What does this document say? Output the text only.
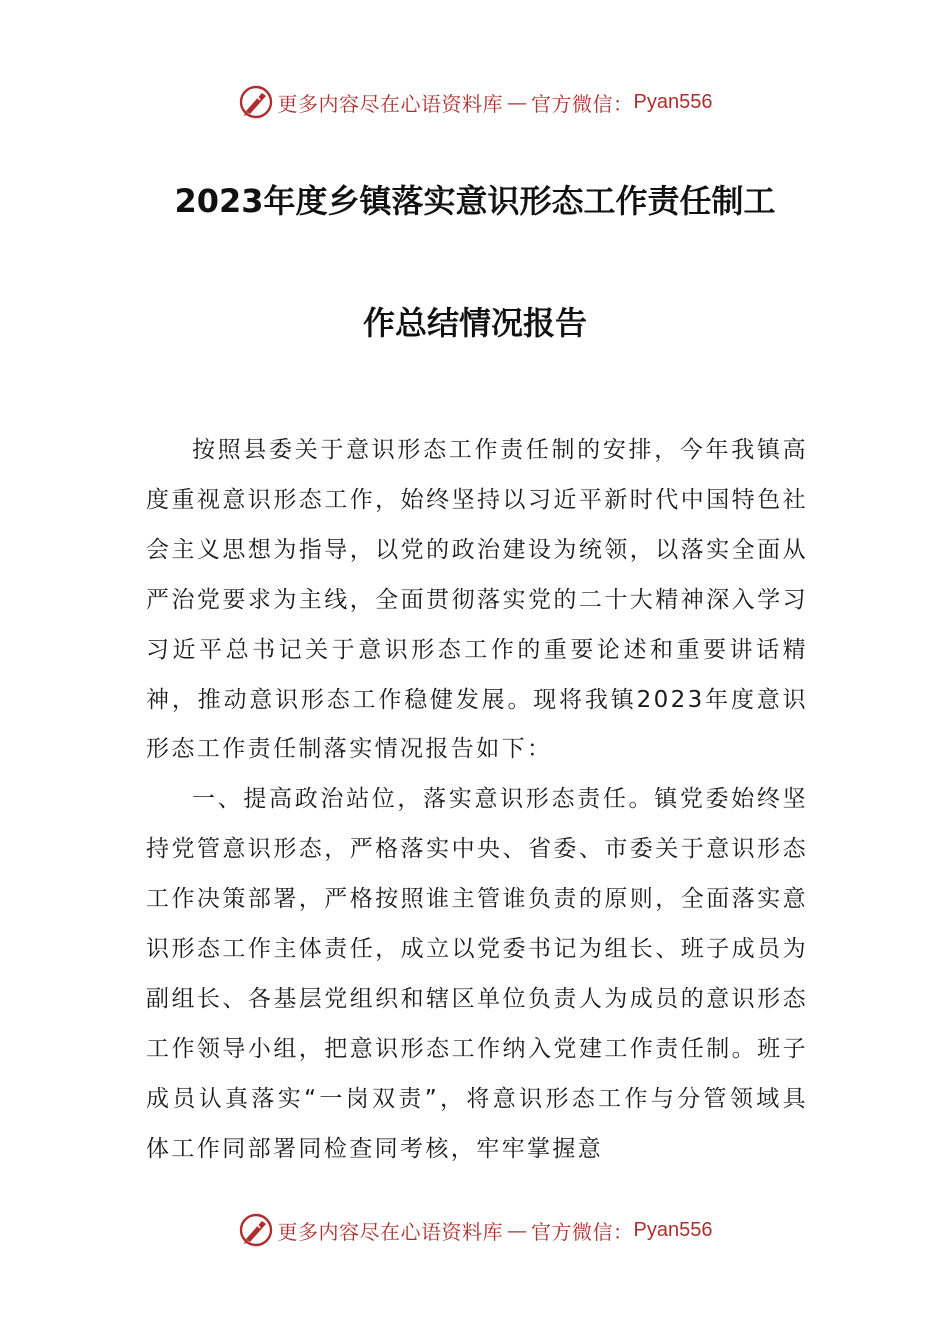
更多内容尽在心语资料库 — 官方微信： Pyan556
2023年度乡镇落实意识形态工作责任制工
作总结情况报告

按照县委关于意识形态工作责任制的安排，今年我镇高度重视意识形态工作，始终坚持以习近平新时代中国特色社会主义思想为指导，以党的政治建设为统领，以落实全面从严治党要求为主线，全面贯彻落实党的二十大精神深入学习习近平总书记关于意识形态工作的重要论述和重要讲话精神，推动意识形态工作稳健发展。现将我镇2023年度意识形态工作责任制落实情况报告如下：

一、提高政治站位，落实意识形态责任。镇党委始终坚持党管意识形态，严格落实中央、省委、市委关于意识形态工作决策部署，严格按照谁主管谁负责的原则，全面落实意识形态工作主体责任，成立以党委书记为组长、班子成员为副组长、各基层党组织和辖区单位负责人为成员的意识形态工作领导小组，把意识形态工作纳入党建工作责任制。班子成员认真落实“一岗双责”，将意识形态工作与分管领域具体工作同部署同检查同考核，牢牢掌握意

更多内容尽在心语资料库 — 官方微信： Pyan556
